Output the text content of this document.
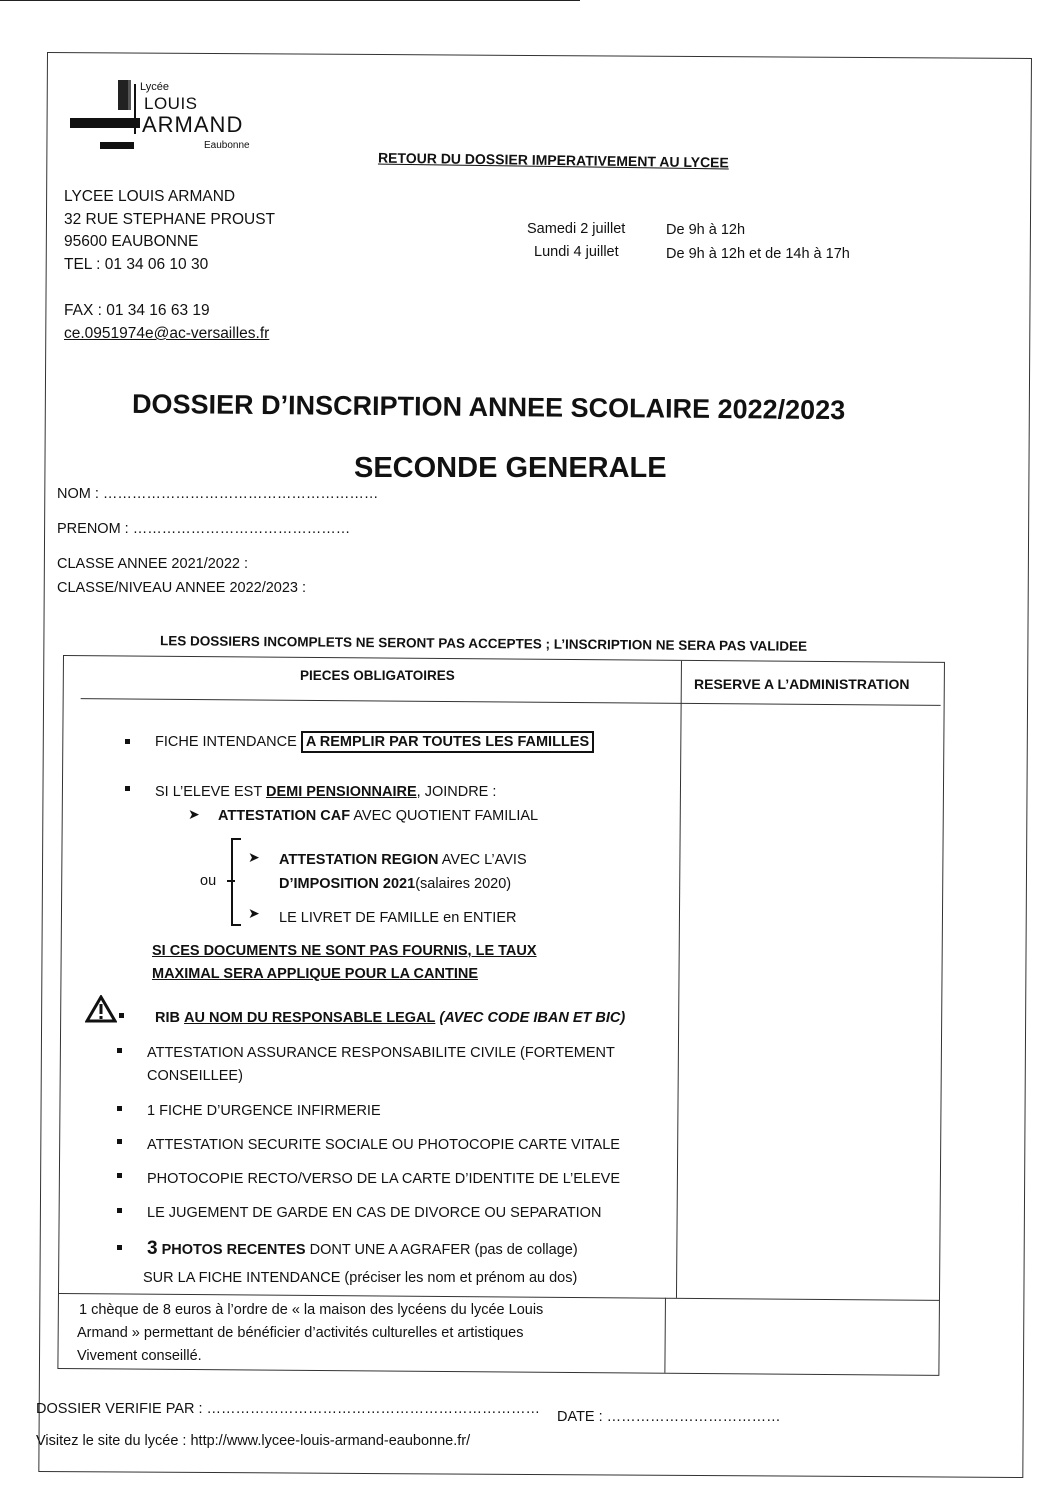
Lycée
LOUIS
ARMAND
Eaubonne
RETOUR DU DOSSIER IMPERATIVEMENT AU LYCEE
LYCEE LOUIS ARMAND
32 RUE STEPHANE PROUST
95600 EAUBONNE
TEL : 01 34 06 10 30
FAX : 01 34 16 63 19
ce.0951974e@ac-versailles.fr
Samedi 2 juillet	De 9h à 12h
Lundi 4 juillet	De 9h à 12h et de 14h à 17h
DOSSIER D’INSCRIPTION ANNEE SCOLAIRE 2022/2023
SECONDE GENERALE
NOM : …………………………………………………
PRENOM : ………………………………………
CLASSE ANNEE 2021/2022 :
CLASSE/NIVEAU ANNEE 2022/2023 :
LES DOSSIERS INCOMPLETS NE SERONT PAS ACCEPTES ; L’INSCRIPTION NE SERA PAS VALIDEE
PIECES OBLIGATOIRES
RESERVE A L’ADMINISTRATION
FICHE INTENDANCE A REMPLIR PAR TOUTES LES FAMILLES
SI L’ELEVE EST DEMI PENSIONNAIRE, JOINDRE :
➤ ATTESTATION CAF AVEC QUOTIENT FAMILIAL
ou
➤ ATTESTATION REGION AVEC L’AVIS
D’IMPOSITION 2021(salaires 2020)
➤ LE LIVRET DE FAMILLE en ENTIER
SI CES DOCUMENTS NE SONT PAS FOURNIS, LE TAUX
MAXIMAL SERA APPLIQUE POUR LA CANTINE
RIB AU NOM DU RESPONSABLE LEGAL (AVEC CODE IBAN ET BIC)
ATTESTATION ASSURANCE RESPONSABILITE CIVILE (FORTEMENT
CONSEILLEE)
1 FICHE D’URGENCE INFIRMERIE
ATTESTATION SECURITE SOCIALE OU PHOTOCOPIE CARTE VITALE
PHOTOCOPIE RECTO/VERSO DE LA CARTE D’IDENTITE DE L’ELEVE
LE JUGEMENT DE GARDE EN CAS DE DIVORCE OU SEPARATION
3 PHOTOS RECENTES DONT UNE A AGRAFER (pas de collage)
SUR LA FICHE INTENDANCE (préciser les nom et prénom au dos)
1 chèque de 8 euros à l’ordre de « la maison des lycéens du lycée Louis
Armand » permettant de bénéficier d’activités culturelles et artistiques
Vivement conseillé.
DOSSIER VERIFIE PAR : …………………………………………………………… DATE : ………………………………
Visitez le site du lycée : http://www.lycee-louis-armand-eaubonne.fr/
